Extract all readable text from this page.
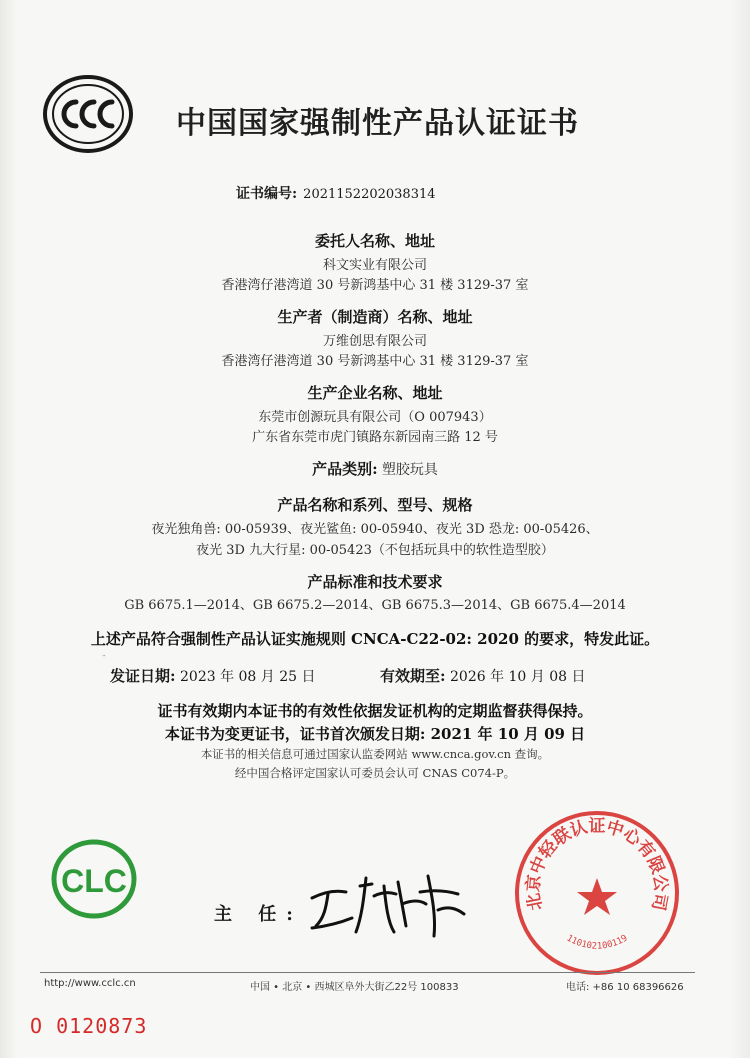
中国国家强制性产品认证证书
证书编号: 2021152202038314
委托人名称、地址
科文实业有限公司
香港湾仔港湾道 30 号新鸿基中心 31 楼 3129-37 室
生产者（制造商）名称、地址
万维创思有限公司
香港湾仔港湾道 30 号新鸿基中心 31 楼 3129-37 室
生产企业名称、地址
东莞市创源玩具有限公司（O 007943）
广东省东莞市虎门镇路东新园南三路 12 号
产品类别: 塑胶玩具
产品名称和系列、型号、规格
夜光独角兽: 00-05939、夜光鲨鱼: 00-05940、夜光 3D 恐龙: 00-05426、
夜光 3D 九大行星: 00-05423（不包括玩具中的软性造型胶）
产品标准和技术要求
GB 6675.1—2014、GB 6675.2—2014、GB 6675.3—2014、GB 6675.4—2014
上述产品符合强制性产品认证实施规则 CNCA-C22-02: 2020 的要求，特发此证。
发证日期: 2023 年 08 月 25 日	有效期至: 2026 年 10 月 08 日
证书有效期内本证书的有效性依据发证机构的定期监督获得保持。
本证书为变更证书，证书首次颁发日期: 2021 年 10 月 09 日
本证书的相关信息可通过国家认监委网站 www.cnca.gov.cn 查询。
经中国合格评定国家认可委员会认可 CNAS C074-P。
CLC
主 任:
王 献新
北京中轻联认证中心有限公司
110102100119
http://www.cclc.cn	中国 • 北京 • 西城区阜外大街乙22号 100833	电话: +86 10 68396626
O 0120873
